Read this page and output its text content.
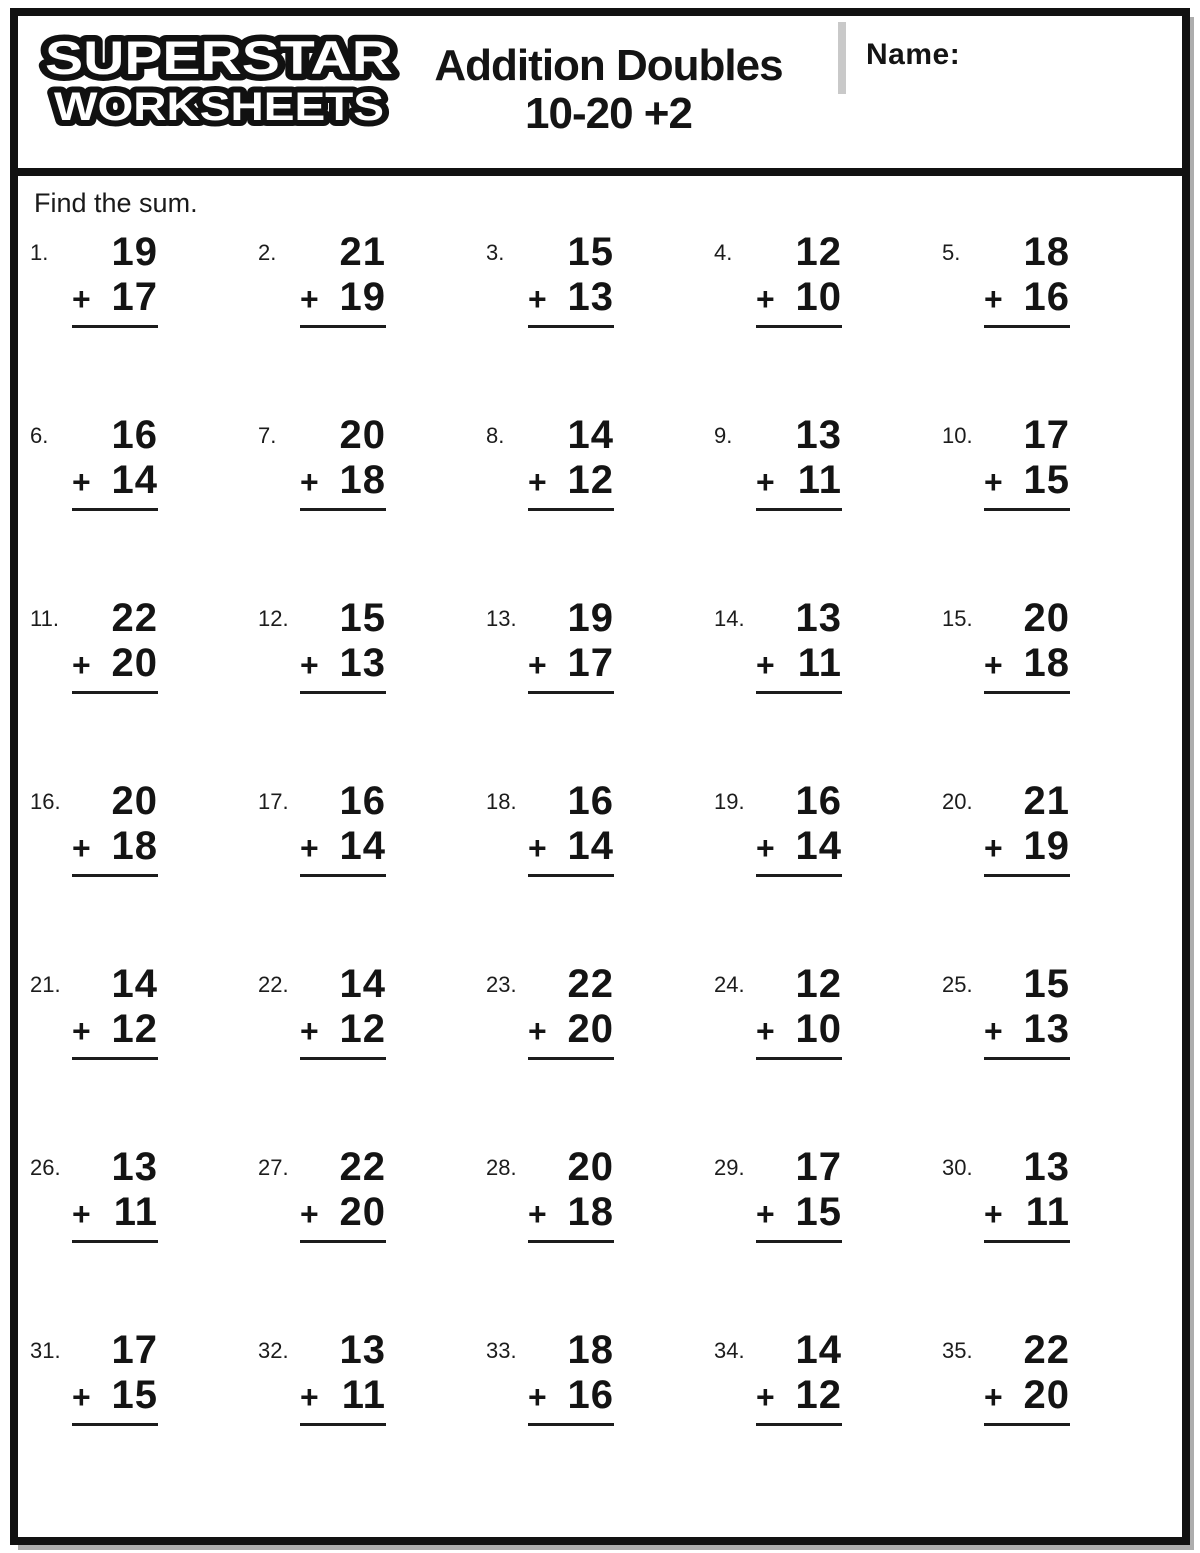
SUPERSTAR
WORKSHEETS
Addition Doubles
10-20 +2
Name:
Find the sum.
1.	19
+ 17
2.	21
+ 19
3.	15
+ 13
4.	12
+ 10
5.	18
+ 16
6.	16
+ 14
7.	20
+ 18
8.	14
+ 12
9.	13
+ 11
10.	17
+ 15
11.	22
+ 20
12.	15
+ 13
13.	19
+ 17
14.	13
+ 11
15.	20
+ 18
16.	20
+ 18
17.	16
+ 14
18.	16
+ 14
19.	16
+ 14
20.	21
+ 19
21.	14
+ 12
22.	14
+ 12
23.	22
+ 20
24.	12
+ 10
25.	15
+ 13
26.	13
+ 11
27.	22
+ 20
28.	20
+ 18
29.	17
+ 15
30.	13
+ 11
31.	17
+ 15
32.	13
+ 11
33.	18
+ 16
34.	14
+ 12
35.	22
+ 20
